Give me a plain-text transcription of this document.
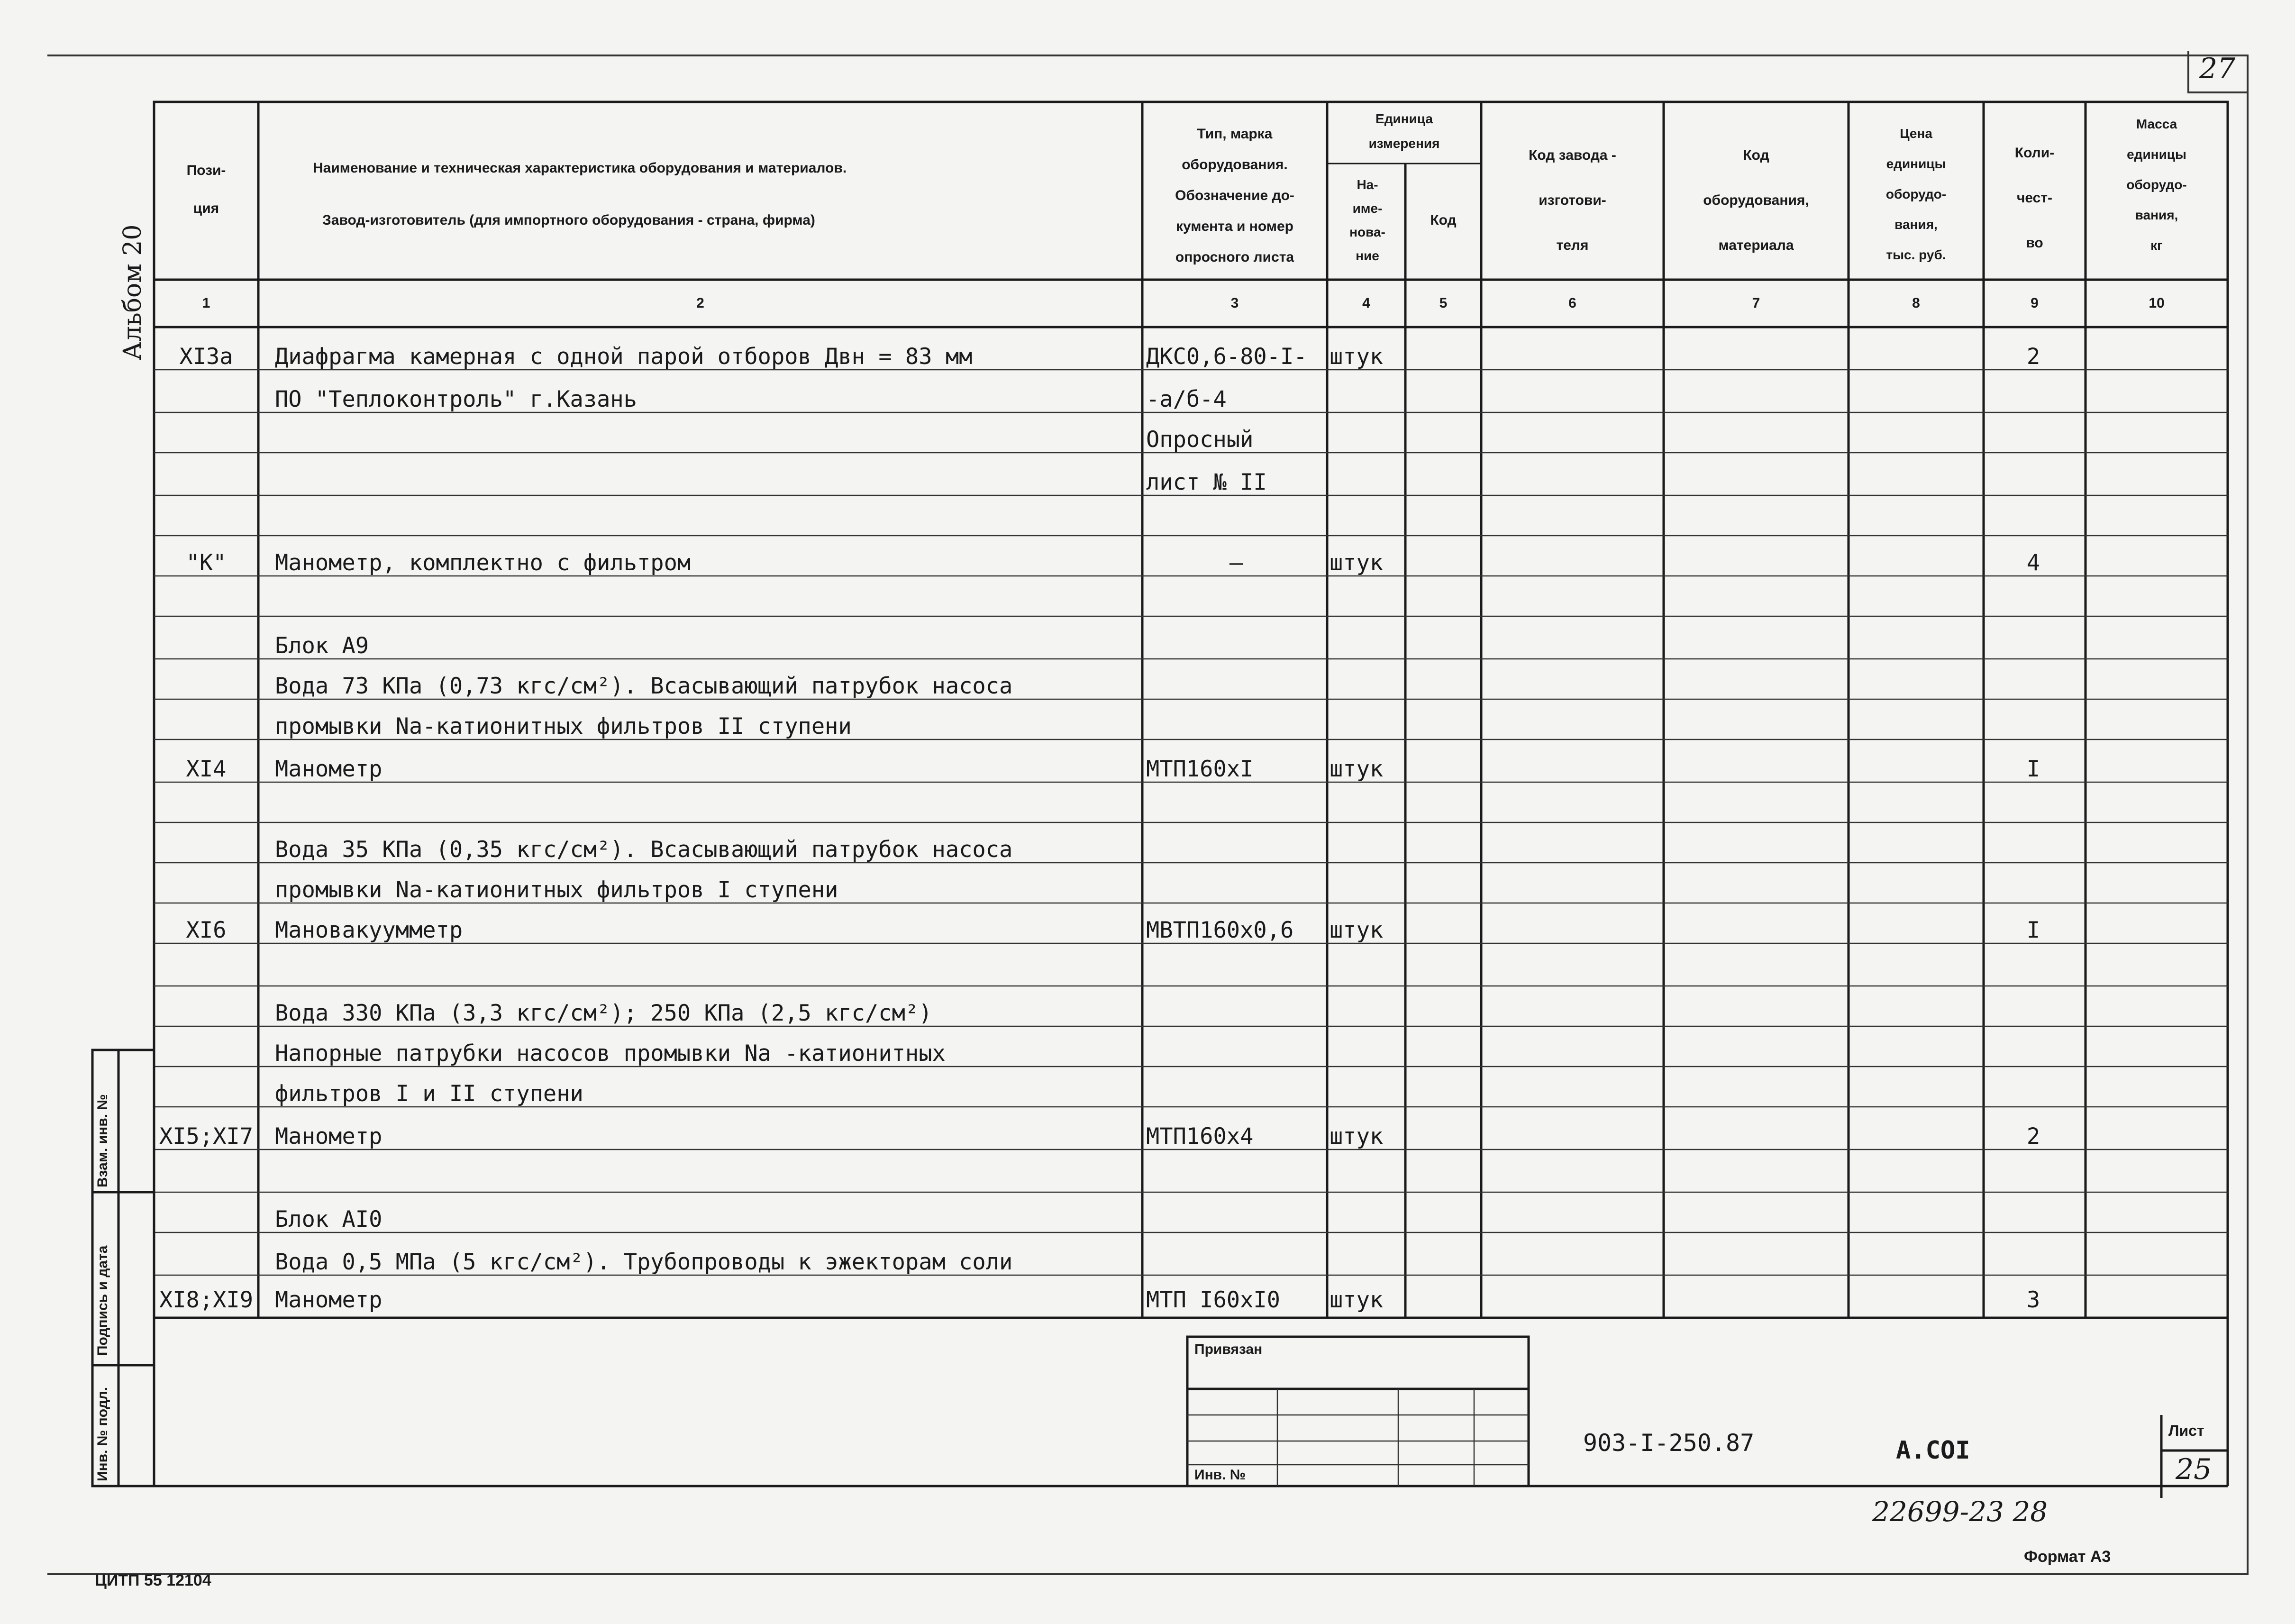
27
Альбом 20
Пози-
ция
Наименование и техническая характеристика оборудования и материалов.
Завод-изготовитель (для импортного оборудования - страна, фирма)
Тип, марка
оборудования.
Обозначение до-
кумента и номер
опросного листа
Единица
измерения
На-
име-
нова-
ние
Код
Код завода -
изготови-
теля
Код
оборудования,
материала
Цена
единицы
оборудо-
вания,
тыс. руб.
Коли-
чест-
во
Масса
единицы
оборудо-
вания,
кг
1	2	3	4	5	6	7	8	9	10
XI3a	Диафрагма камерная с одной парой отборов Двн = 83 мм	ДКС0,6-80-I-	штук	2
ПО "Теплоконтроль" г.Казань	-а/б-4
Опросный
лист № II
"К"	Манометр, комплектно с фильтром	–	штук	4
Блок А9
Вода 73 КПа (0,73 кгс/см²). Всасывающий патрубок насоса
промывки Na-катионитных фильтров II ступени
XI4	Манометр	МТП160хI	штук	I
Вода 35 КПа (0,35 кгс/см²). Всасывающий патрубок насоса
промывки Na-катионитных фильтров I ступени
XI6	Мановакуумметр	МВТП160х0,6	штук	I
Вода 330 КПа (3,3 кгс/см²); 250 КПа (2,5 кгс/см²)
Напорные патрубки насосов промывки Na -катионитных
фильтров I и II ступени
XI5;XI7 Манометр	МТП160х4	штук	2
Блок АI0
Вода 0,5 МПа (5 кгс/см²). Трубопроводы к эжекторам соли
XI8;XI9 Манометр	МТП I60хI0	штук	3
Взам. инв. №
Подпись и дата
Инв. № подл.
Привязан
Инв. №
903-I-250.87	А.СОI
Лист
25
22699-23 28
Формат А3
ЦИТП 55 12104
